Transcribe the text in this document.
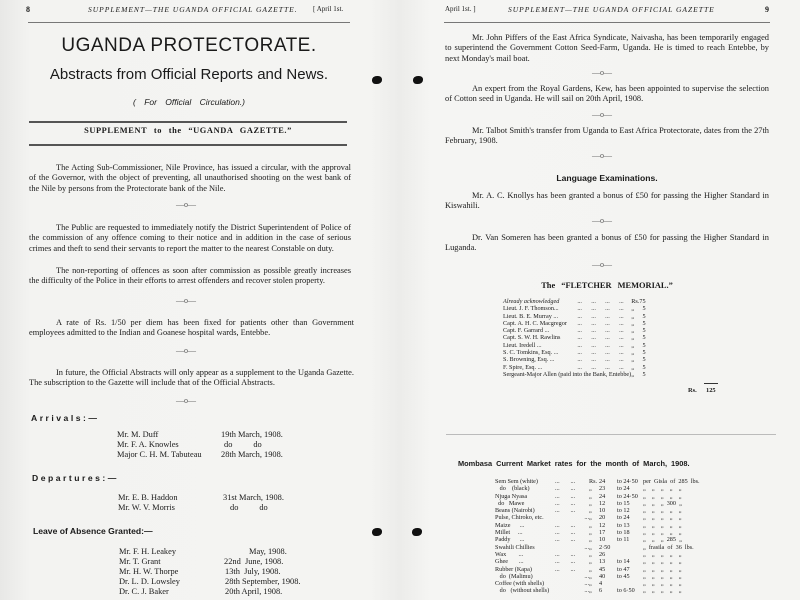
8	SUPPLEMENT—THE UGANDA OFFICIAL GAZETTE. [ April 1st.
UGANDA PROTECTORATE.
Abstracts from Official Reports and News.
( For Official Circulation.)
SUPPLEMENT to the “UGANDA GAZETTE.”
The Acting Sub-Commissioner, Nile Province, has issued a circular, with the approval of the Governor, with the object of preventing, all unauthorised shooting on the west bank of the Nile by persons from the Protectorate bank of the Nile.
—o—
The Public are requested to immediately notify the District Superintendent of Police of the commission of any offence coming to their notice and in addition in the case of serious crimes and theft to send their servants to report the matter to the nearest Constable on duty.
The non-reporting of offences as soon after commission as possible greatly increases the difficulty of the Police in their efforts to arrest offenders and recover stolen property.
—o—
A rate of Rs. 1/50 per diem has been fixed for patients other than Government employees admitted to the Indian and Goanese hospital wards, Entebbe.
—o—
In future, the Official Abstracts will only appear as a supplement to the Uganda Gazette. The subscription to the Gazette will include that of the Official Abstracts.
—o—
Arrivals:—
Mr. M. Duff	19th March, 1908.
Mr. F. A. Knowles	do          do
Major C. H. M. Tabuteau 28th March, 1908.
Departures:—
Mr. E. B. Haddon	31st March, 1908.
Mr. W. V. Morris	do          do
Leave of Absence Granted:—
Mr. F. H. Leakey	May, 1908.
Mr. T. Grant	22nd  June, 1908.
Mr. H. W. Thorpe	13th  July, 1908.
Dr. L. D. Lowsley	28th September, 1908.
Dr. C. J. Baker	20th April, 1908.
April 1st. ]	SUPPLEMENT—THE UGANDA OFFICIAL GAZETTE	9
Mr. John Piffers of the East Africa Syndicate, Naivasha, has been temporarily engaged to superintend the Government Cotton Seed-Farm, Uganda. He is timed to reach Entebbe, by next Monday's mail boat.
—o—
An expert from the Royal Gardens, Kew, has been appointed to supervise the selection of Cotton seed in Uganda. He will sail on 20th April, 1908.
—o—
Mr. Talbot Smith's transfer from Uganda to East Africa Protectorate, dates from the 27th February, 1908.
—o—
Language Examinations.
Mr. A. C. Knollys has been granted a bonus of £50 for passing the Higher Standard in Kiswahili.
—o—
Dr. Van Someren has been granted a bonus of £50 for passing the Higher Standard in Luganda.
—o—
The “FLETCHER MEMORIAL.”
Already acknowledged	...      ...      ...      ...	Rs.	75
Lieut. J. F. Thomson...	...      ...      ...      ...	„	5
Lieut. B. E. Murray ...	...      ...      ...      ...	„	5
Capt. A. H. C. Macgregor	...      ...      ...      ...	„	5
Capt. F. Garrard ...	...      ...      ...      ...	„	5
Capt. S. W. H. Rawlins	...      ...      ...      ...	„	5
Lieut. Iredell ...	...      ...      ...      ...	„	5
S. C. Tomkins, Esq. ...	...      ...      ...      ...	„	5
S. Browning, Esq. ...	...      ...      ...      ...	„	5
F. Spire, Esq. ...	...      ...      ...      ...	„	5
Sergeant-Major Allen (paid into the Bank, Entebbe)		„	5
Rs. 125
Mombasa Current Market rates for the month of March, 1908.
Sem Sem (white)	...       ...	Rs.	24	to 24·50	per  Gisla  of  285  lbs.
do    (black)	...       ...	„	23	to 24	„    „    „    „    „
Njuga Nyasa	...       ...	„	24	to 24·50	„    „    „    „    „
do   Mawe	...       ...	„	12	to 15	„    „    „  300  „
Beans (Nairobi)	...       ...	„	10	to 12	„    „    „    „    „
Pulse, Chiroko, etc.	...	„	20	to 24	„    „    „    „    „
Maize      ...	...       ...	„	12	to 13	„    „    „    „    „
Millet     ...	...       ...	„	17	to 18	„    „    „    „    „
Paddy      ...	...       ...	„	10	to 11	„    „    „  285  „
Swahili Chillies	...	„	2·50		„  frasila  of  36  lbs.
Wax        ...	...       ...	„	26		„    „    „    „    „
Ghee       ...	...       ...	„	13	to 14	„    „    „    „    „
Rubber (Kapa)	...       ...	„	45	to 47	„    „    „    „    „
do  (Malimu)	...	„	40	to 45	„    „    „    „    „
Coffee (with shells)	...	„	4		„    „    „    „    „
do   (without shells)	...	„	6	to 6·50	„    „    „    „    „
